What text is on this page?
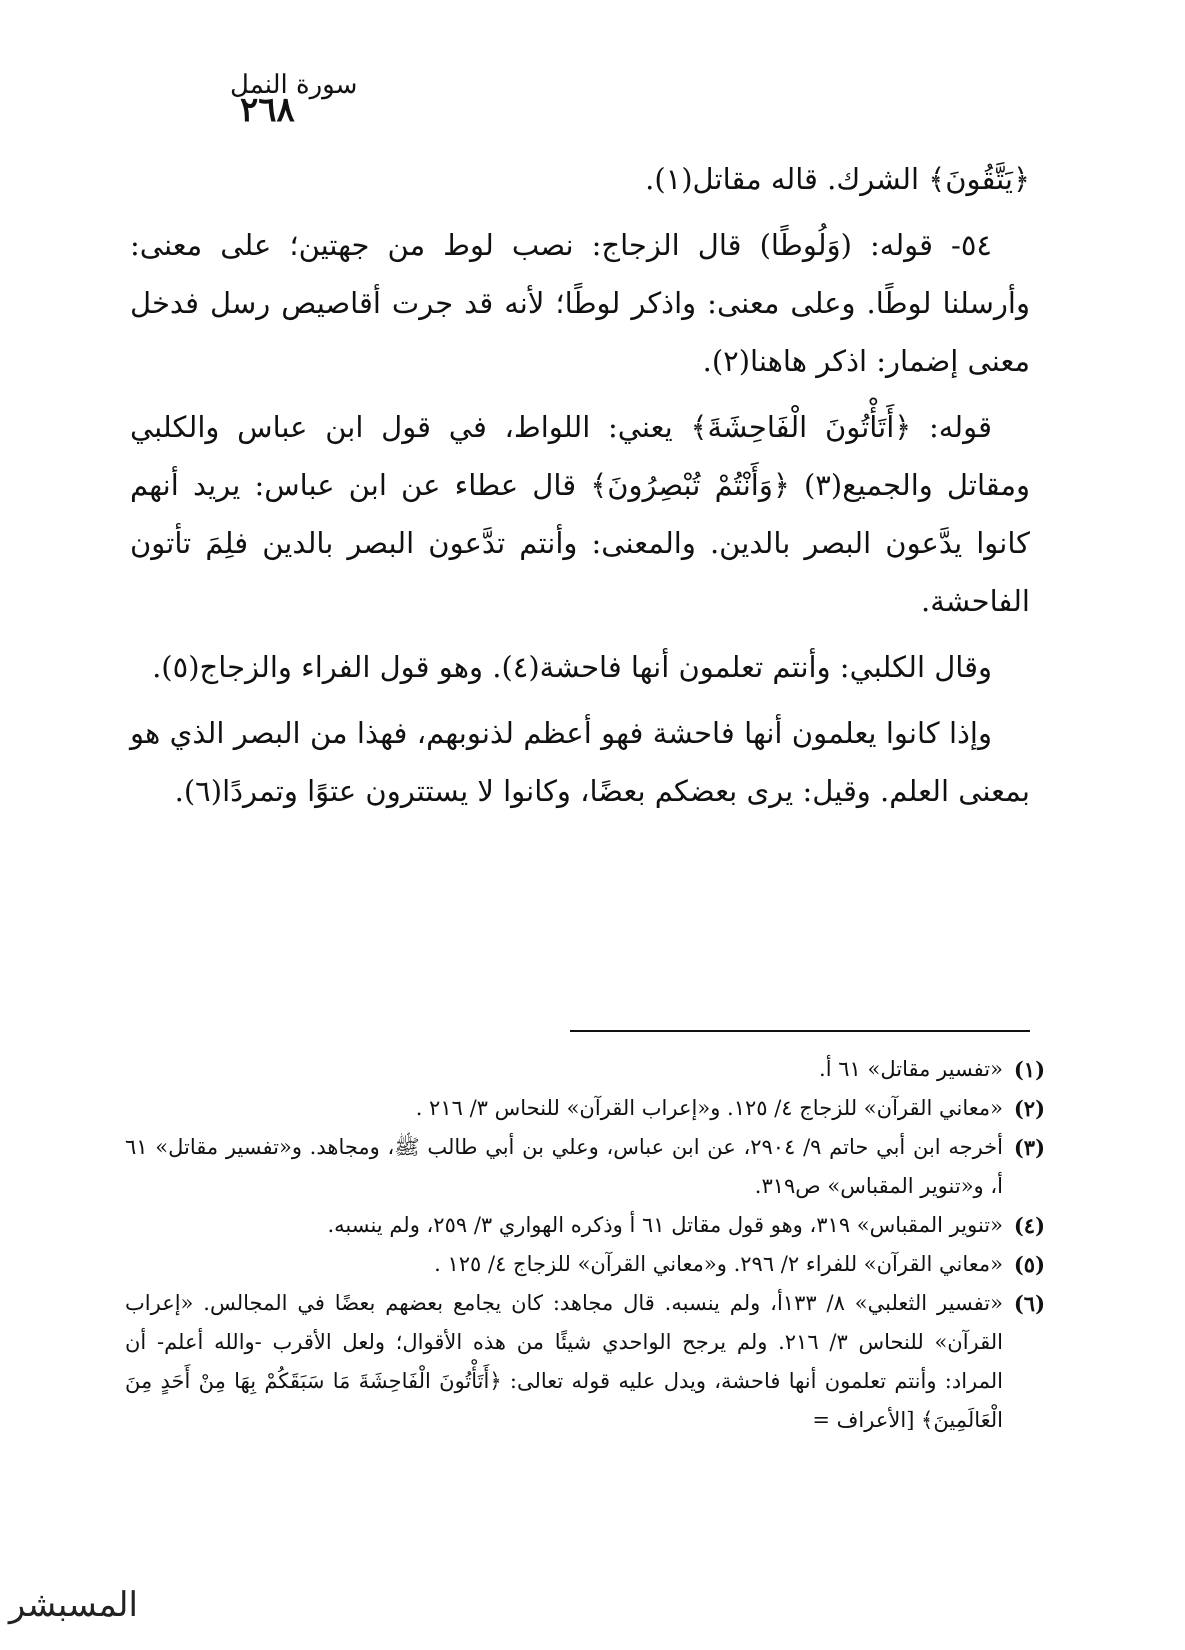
٢٦٨
سورة النمل

﴿يَتَّقُونَ﴾ الشرك. قاله مقاتل(١).

٥٤- قوله: (وَلُوطًا) قال الزجاج: نصب لوط من جهتين؛ على معنى: وأرسلنا لوطًا. وعلى معنى: واذكر لوطًا؛ لأنه قد جرت أقاصيص رسل فدخل معنى إضمار: اذكر هاهنا(٢).

قوله: ﴿أَتَأْتُونَ الْفَاحِشَةَ﴾ يعني: اللواط، في قول ابن عباس والكلبي ومقاتل والجميع(٣) ﴿وَأَنْتُمْ تُبْصِرُونَ﴾ قال عطاء عن ابن عباس: يريد أنهم كانوا يدَّعون البصر بالدين. والمعنى: وأنتم تدَّعون البصر بالدين فلِمَ تأتون الفاحشة.

وقال الكلبي: وأنتم تعلمون أنها فاحشة(٤). وهو قول الفراء والزجاج(٥).

وإذا كانوا يعلمون أنها فاحشة فهو أعظم لذنوبهم، فهذا من البصر الذي هو بمعنى العلم. وقيل: يرى بعضكم بعضًا، وكانوا لا يستترون عتوًا وتمردًا(٦).

(١)
«تفسير مقاتل» ٦١ أ.
(٢)
«معاني القرآن» للزجاج ٤/ ١٢٥. و«إعراب القرآن» للنحاس ٣/ ٢١٦ .
(٣)
أخرجه ابن أبي حاتم ٩/ ٢٩٠٤، عن ابن عباس، وعلي بن أبي طالب ﷺ، ومجاهد. و«تفسير مقاتل» ٦١ أ، و«تنوير المقباس» ص٣١٩.
(٤)
«تنوير المقباس» ٣١٩، وهو قول مقاتل ٦١ أ وذكره الهواري ٣/ ٢٥٩، ولم ينسبه.
(٥)
«معاني القرآن» للفراء ٢/ ٢٩٦. و«معاني القرآن» للزجاج ٤/ ١٢٥ .
(٦)
«تفسير الثعلبي» ٨/ ١٣٣أ، ولم ينسبه. قال مجاهد: كان يجامع بعضهم بعضًا في المجالس. «إعراب القرآن» للنحاس ٣/ ٢١٦. ولم يرجح الواحدي شيئًا من هذه الأقوال؛ ولعل الأقرب -والله أعلم- أن المراد: وأنتم تعلمون أنها فاحشة، ويدل عليه قوله تعالى: ﴿أَتَأْتُونَ الْفَاحِشَةَ مَا سَبَقَكُمْ بِهَا مِنْ أَحَدٍ مِنَ الْعَالَمِينَ﴾ [الأعراف =
المسبشر
